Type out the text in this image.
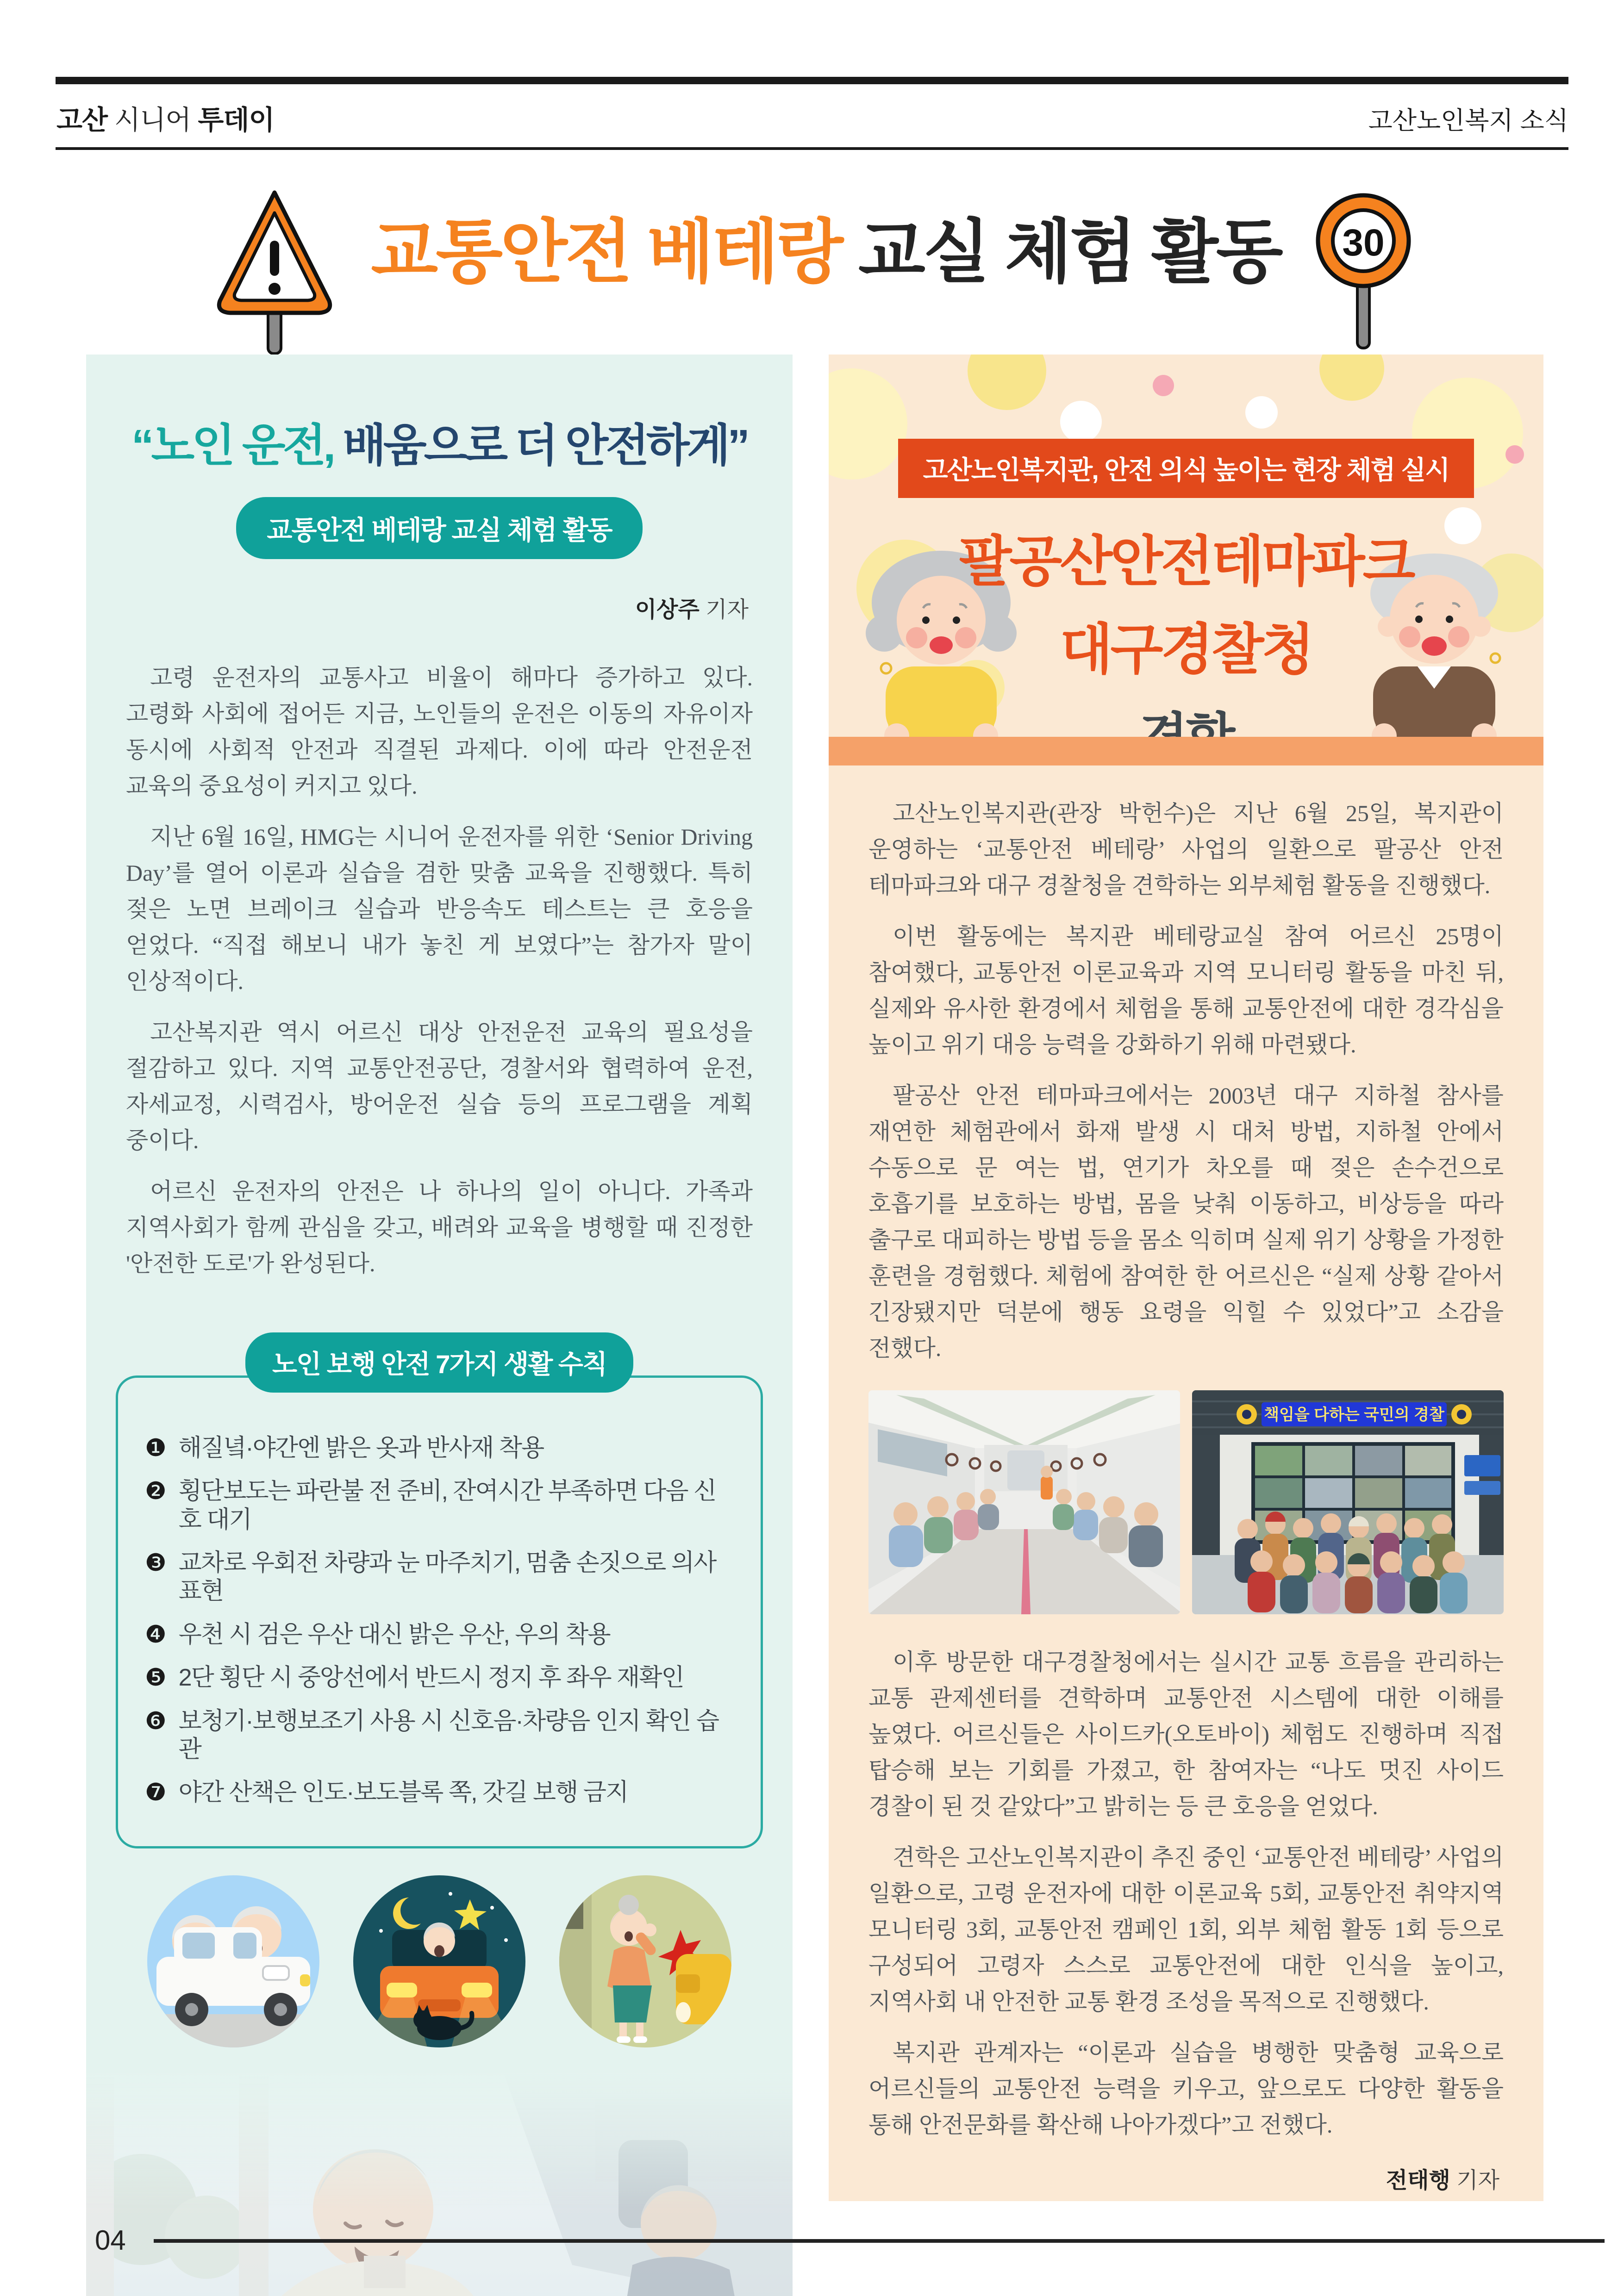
고산 시니어 투데이	고산노인복지 소식
교통안전 베테랑 교실 체험 활동 30
“노인 운전, 배움으로 더 안전하게”
교통안전 베테랑 교실 체험 활동
이상주 기자

고령 운전자의 교통사고 비율이 해마다 증가하고 있다. 고령화 사회에 접어든 지금, 노인들의 운전은 이동의 자유이자 동시에 사회적 안전과 직결된 과제다. 이에 따라 안전운전 교육의 중요성이 커지고 있다.

지난 6월 16일, HMG는 시니어 운전자를 위한 ‘Senior Driving Day’를 열어 이론과 실습을 겸한 맞춤 교육을 진행했다. 특히 젖은 노면 브레이크 실습과 반응속도 테스트는 큰 호응을 얻었다. “직접 해보니 내가 놓친 게 보였다”는 참가자 말이 인상적이다.

고산복지관 역시 어르신 대상 안전운전 교육의 필요성을 절감하고 있다. 지역 교통안전공단, 경찰서와 협력하여 운전, 자세교정, 시력검사, 방어운전 실습 등의 프로그램을 계획 중이다.

어르신 운전자의 안전은 나 하나의 일이 아니다. 가족과 지역사회가 함께 관심을 갖고, 배려와 교육을 병행할 때 진정한 '안전한 도로'가 완성된다.

노인 보행 안전 7가지 생활 수칙
❶ 해질녘·야간엔 밝은 옷과 반사재 착용
❷ 횡단보도는 파란불 전 준비, 잔여시간 부족하면 다음 신호 대기
❸ 교차로 우회전 차량과 눈 마주치기, 멈춤 손짓으로 의사 표현
❹ 우천 시 검은 우산 대신 밝은 우산, 우의 착용
❺ 2단 횡단 시 중앙선에서 반드시 정지 후 좌우 재확인
❻ 보청기·보행보조기 사용 시 신호음·차량음 인지 확인 습관
❼ 야간 산책은 인도·보도블록 쪽, 갓길 보행 금지
고산노인복지관, 안전 의식 높이는 현장 체험 실시
팔공산안전테마파크
대구경찰청

고산노인복지관(관장 박헌수)은 지난 6월 25일, 복지관이 운영하는 ‘교통안전 베테랑’ 사업의 일환으로 팔공산 안전 테마파크와 대구 경찰청을 견학하는 외부체험 활동을 진행했다.

이번 활동에는 복지관 베테랑교실 참여 어르신 25명이 참여했다, 교통안전 이론교육과 지역 모니터링 활동을 마친 뒤, 실제와 유사한 환경에서 체험을 통해 교통안전에 대한 경각심을 높이고 위기 대응 능력을 강화하기 위해 마련됐다.

팔공산 안전 테마파크에서는 2003년 대구 지하철 참사를 재연한 체험관에서 화재 발생 시 대처 방법, 지하철 안에서 수동으로 문 여는 법, 연기가 차오를 때 젖은 손수건으로 호흡기를 보호하는 방법, 몸을 낮춰 이동하고, 비상등을 따라 출구로 대피하는 방법 등을 몸소 익히며 실제 위기 상황을 가정한 훈련을 경험했다. 체험에 참여한 한 어르신은 “실제 상황 같아서 긴장됐지만 덕분에 행동 요령을 익힐 수 있었다”고 소감을 전했다.

책임을 다하는 국민의 경찰

이후 방문한 대구경찰청에서는 실시간 교통 흐름을 관리하는 교통 관제센터를 견학하며 교통안전 시스템에 대한 이해를 높였다. 어르신들은 사이드카(오토바이) 체험도 진행하며 직접 탑승해 보는 기회를 가졌고, 한 참여자는 “나도 멋진 사이드 경찰이 된 것 같았다”고 밝히는 등 큰 호응을 얻었다.

견학은 고산노인복지관이 추진 중인 ‘교통안전 베테랑’ 사업의 일환으로, 고령 운전자에 대한 이론교육 5회, 교통안전 취약지역 모니터링 3회, 교통안전 캠페인 1회, 외부 체험 활동 1회 등으로 구성되어 고령자 스스로 교통안전에 대한 인식을 높이고, 지역사회 내 안전한 교통 환경 조성을 목적으로 진행했다.

복지관 관계자는 “이론과 실습을 병행한 맞춤형 교육으로 어르신들의 교통안전 능력을 키우고, 앞으로도 다양한 활동을 통해 안전문화를 확산해 나아가겠다”고 전했다.

전태행 기자
04
